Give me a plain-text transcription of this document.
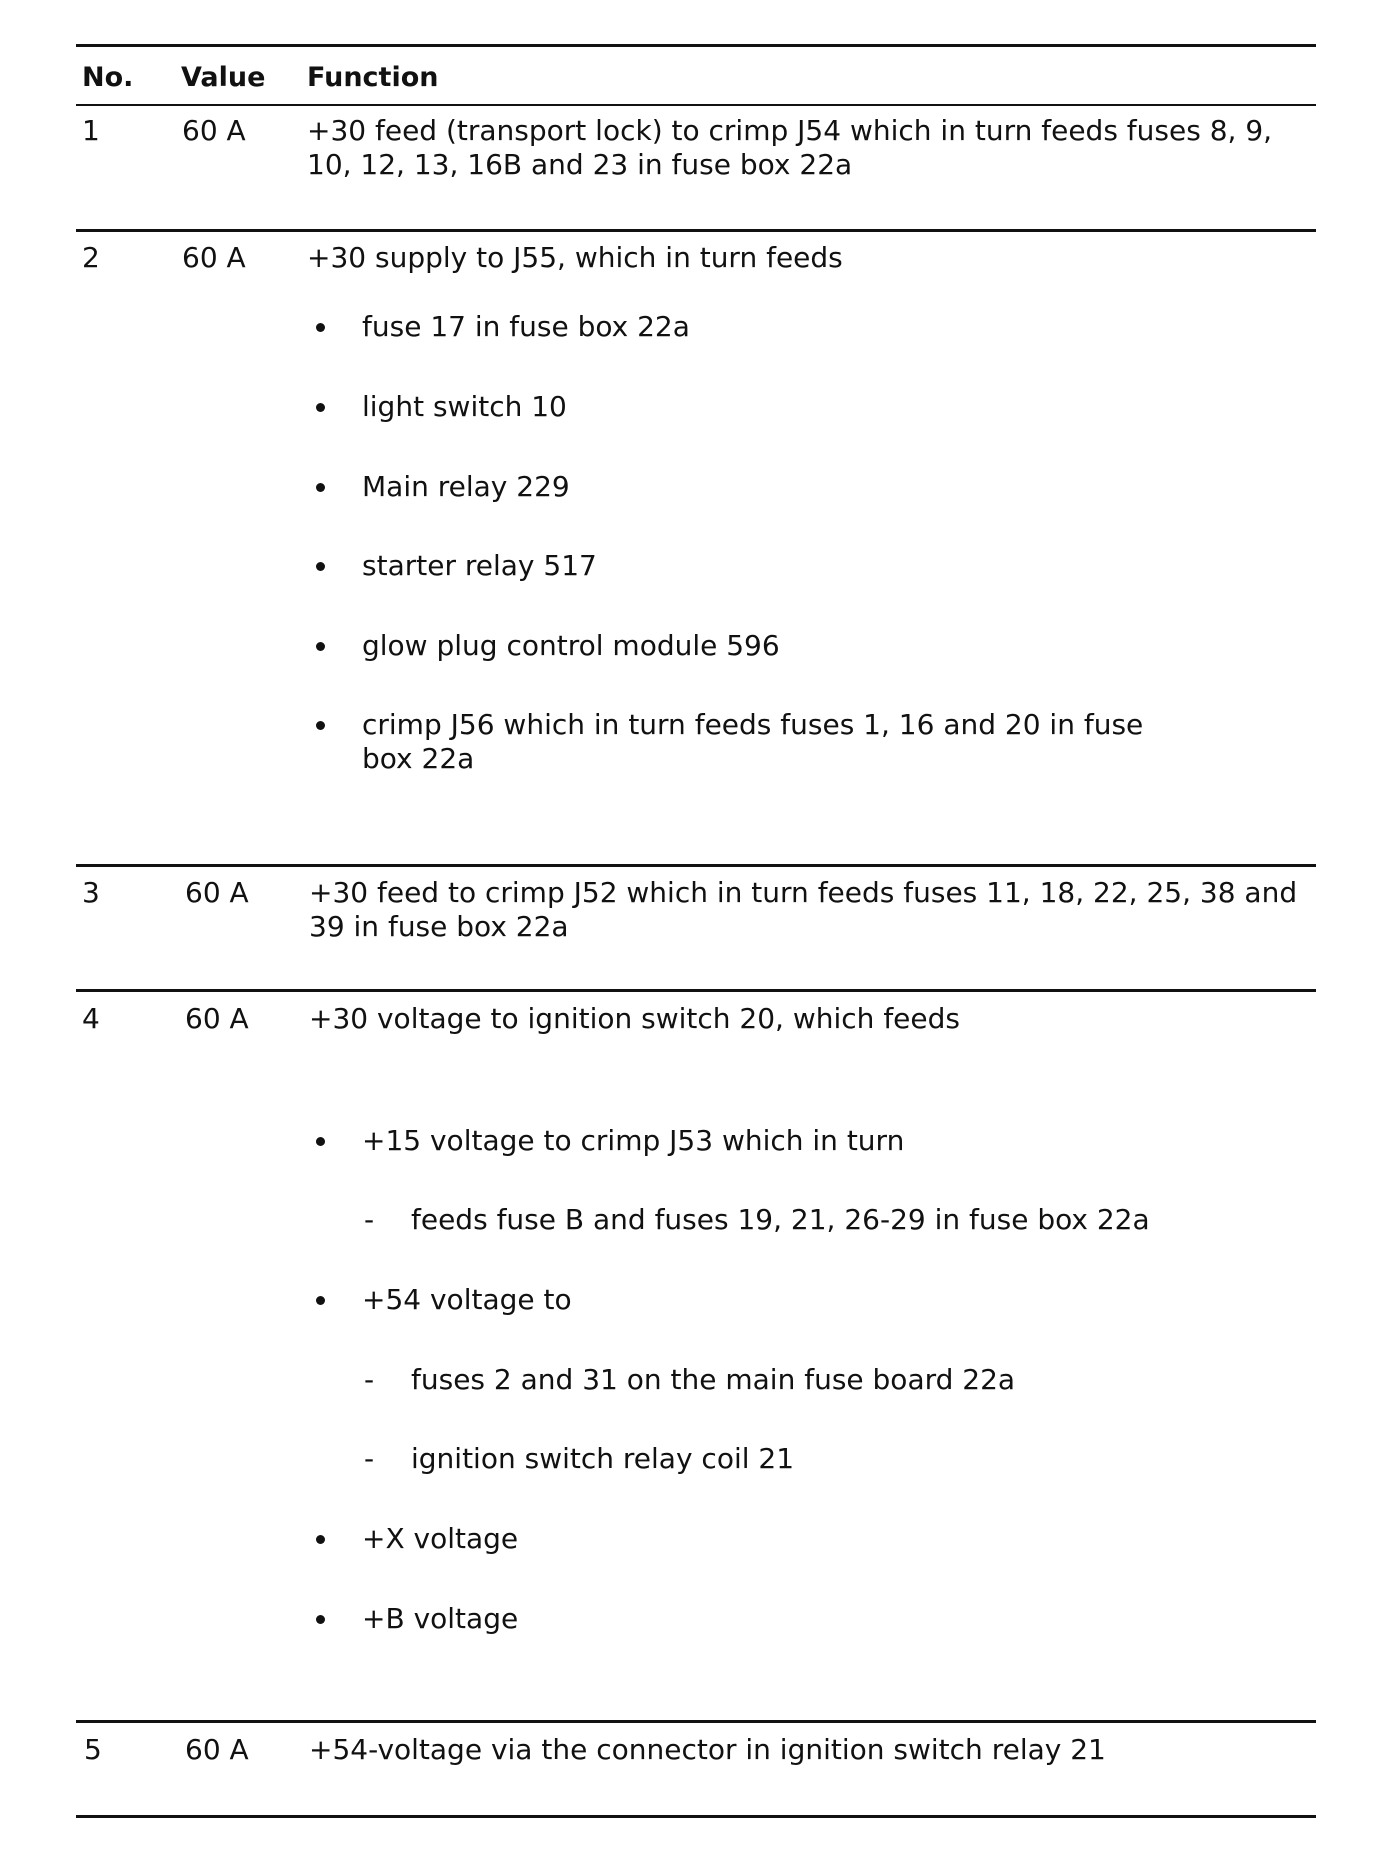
No. Value Function
1	60 A +30 feed (transport lock) to crimp J54 which in turn feeds fuses 8, 9,
10, 12, 13, 16B and 23 in fuse box 22a
2	60 A +30 supply to J55, which in turn feeds
fuse 17 in fuse box 22a
light switch 10
Main relay 229
starter relay 517
glow plug control module 596
crimp J56 which in turn feeds fuses 1, 16 and 20 in fuse
box 22a
3	60 A +30 feed to crimp J52 which in turn feeds fuses 11, 18, 22, 25, 38 and
39 in fuse box 22a
4	60 A +30 voltage to ignition switch 20, which feeds
+15 voltage to crimp J53 which in turn
- feeds fuse B and fuses 19, 21, 26-29 in fuse box 22a
+54 voltage to
- fuses 2 and 31 on the main fuse board 22a
- ignition switch relay coil 21
+X voltage
+B voltage
5	60 A +54-voltage via the connector in ignition switch relay 21
